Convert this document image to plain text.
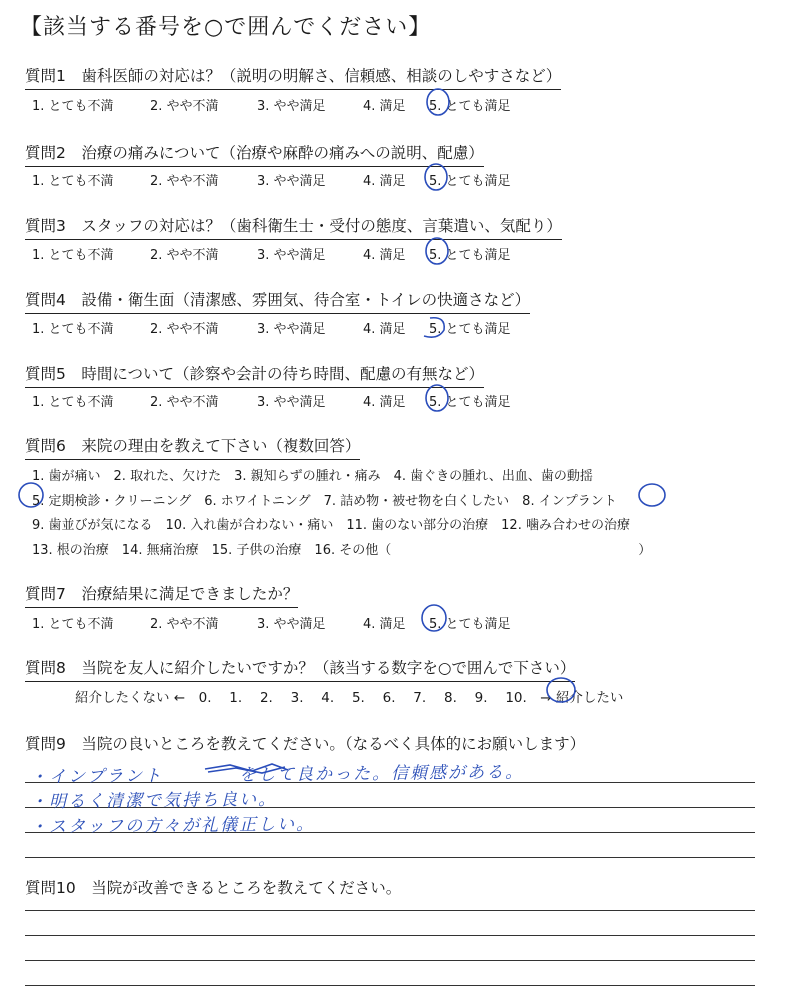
【該当する番号を○で囲んでください】
質問1　歯科医師の対応は？（説明の明解さ、信頼感、相談のしやすさなど）
1. とても不満	2. やや不満	3. やや満足	4. 満足	5. とても満足
質問2　治療の痛みについて（治療や麻酔の痛みへの説明、配慮）
1. とても不満	2. やや不満	3. やや満足	4. 満足	5. とても満足
質問3　スタッフの対応は？（歯科衛生士・受付の態度、言葉遣い、気配り）
1. とても不満	2. やや不満	3. やや満足	4. 満足	5. とても満足
質問4　設備・衛生面（清潔感、雰囲気、待合室・トイレの快適さなど）
1. とても不満	2. やや不満	3. やや満足	4. 満足	5. とても満足
質問5　時間について（診察や会計の待ち時間、配慮の有無など）
1. とても不満	2. やや不満	3. やや満足	4. 満足	5. とても満足
質問6　来院の理由を教えて下さい（複数回答）
1. 歯が痛い　2. 取れた、欠けた　3. 親知らずの腫れ・痛み　4. 歯ぐきの腫れ、出血、歯の動揺
5. 定期検診・クリーニング　6. ホワイトニング　7. 詰め物・被せ物を白くしたい　8. インプラント
9. 歯並びが気になる　10. 入れ歯が合わない・痛い　11. 歯のない部分の治療　12. 噛み合わせの治療
13. 根の治療　14. 無痛治療　15. 子供の治療　16. その他（　　　　　　　　　　　　　　　　　　　）
質問7　治療結果に満足できましたか？
1. とても不満	2. やや不満	3. やや満足	4. 満足	5. とても満足
質問8　当院を友人に紹介したいですか？（該当する数字を○で囲んで下さい）
紹介したくない ←　0.　 1.　 2.　 3.　 4.　 5.　 6.　 7.　 8.　 9.　 10.　→ 紹介したい
質問9　当院の良いところを教えてください。（なるべく具体的にお願いします）
・インプラント　　　　をして良かった。信頼感がある。
・明るく清潔で気持ち良い。
・スタッフの方々が礼儀正しい。
質問10　当院が改善できるところを教えてください。
